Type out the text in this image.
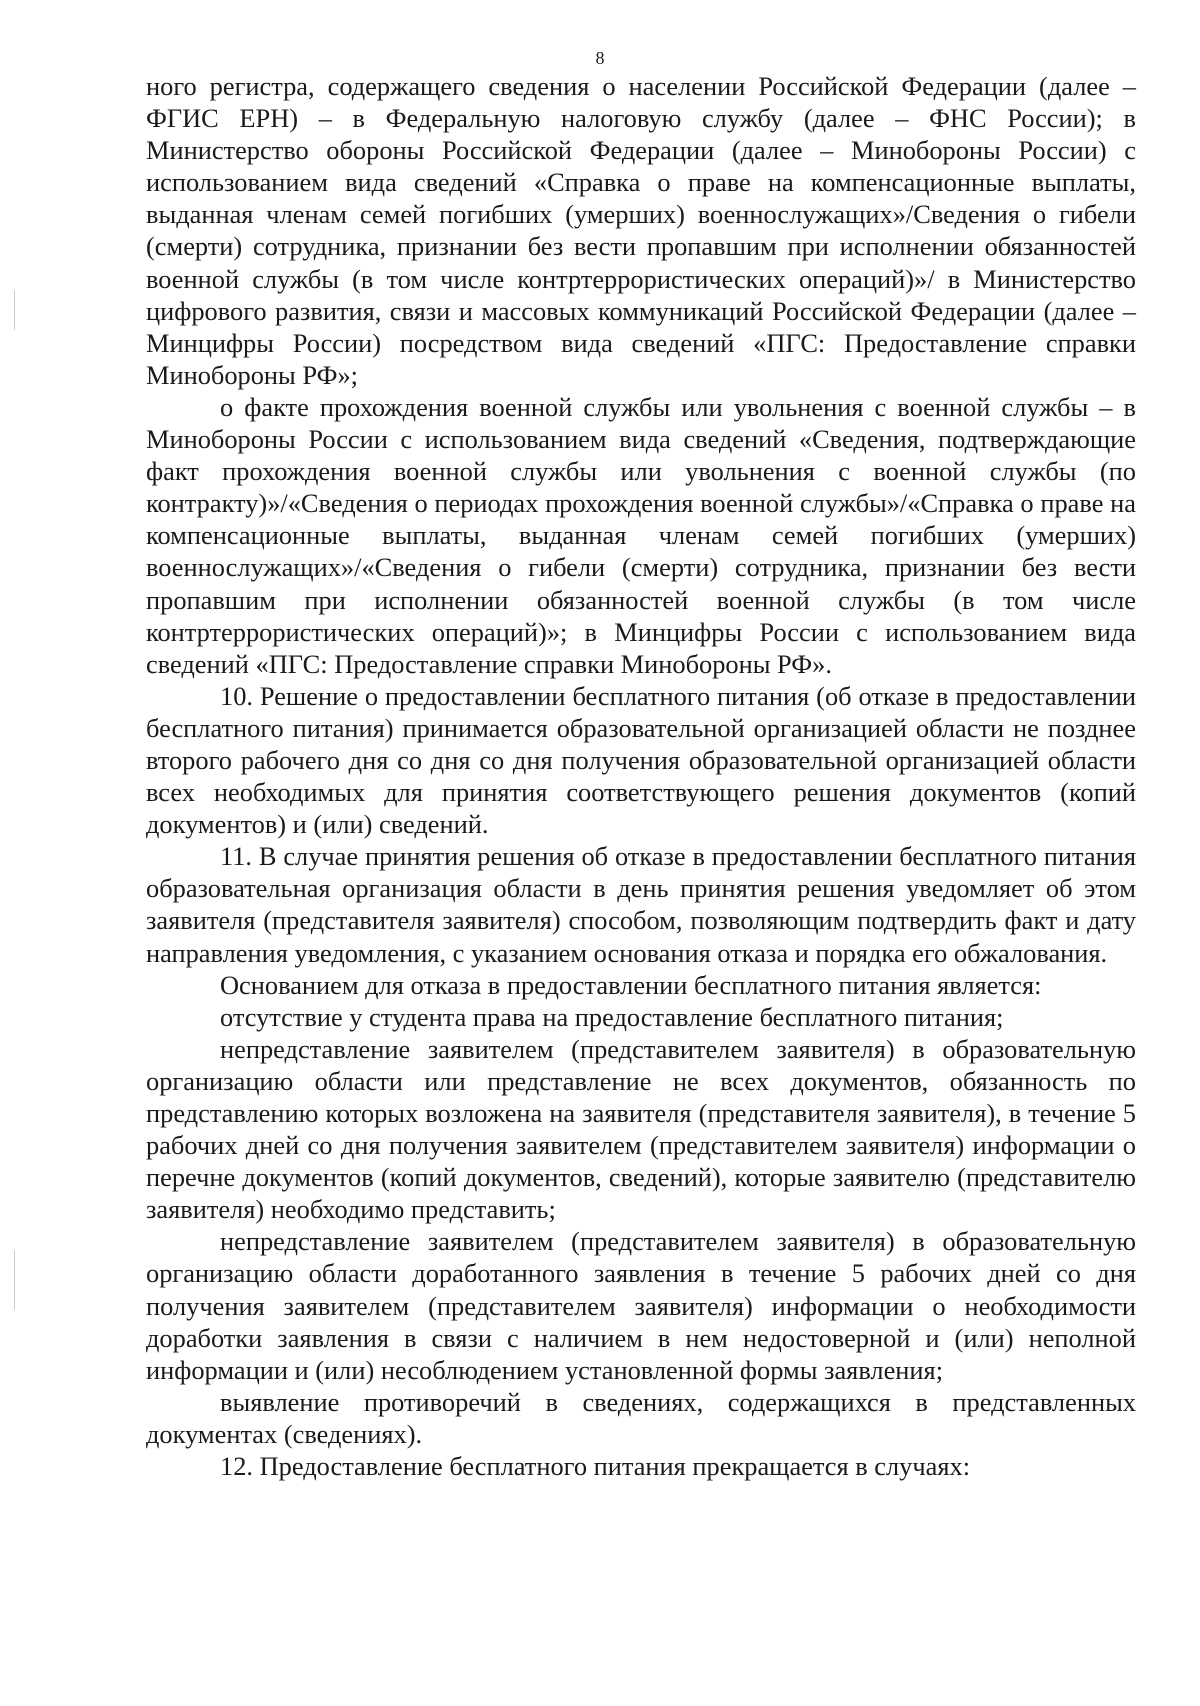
8

ного регистра, содержащего сведения о населении Российской Федерации (далее – ФГИС ЕРН) – в Федеральную налоговую службу (далее – ФНС России); в Министерство обороны Российской Федерации (далее – Минобороны России) с использованием вида сведений «Справка о праве на компенсационные выплаты, выданная членам семей погибших (умерших) военнослужащих»/Сведения о гибели (смерти) сотрудника, признании без вести пропавшим при исполнении обязанностей военной службы (в том числе контртеррористических операций)»/ в Министерство цифрового развития, связи и массовых коммуникаций Российской Федерации (далее – Минцифры России) посредством вида сведений «ПГС: Предоставление справки Минобороны РФ»;

о факте прохождения военной службы или увольнения с военной службы – в Минобороны России с использованием вида сведений «Сведения, подтверждающие факт прохождения военной службы или увольнения с военной службы (по контракту)»/«Сведения о периодах прохождения военной службы»/«Справка о праве на компенсационные выплаты, выданная членам семей погибших (умерших) военнослужащих»/«Сведения о гибели (смерти) сотрудника, признании без вести пропавшим при исполнении обязанностей военной службы (в том числе контртеррористических операций)»; в Минцифры России с использованием вида сведений «ПГС: Предоставление справки Минобороны РФ».

10. Решение о предоставлении бесплатного питания (об отказе в предоставлении бесплатного питания) принимается образовательной организацией области не позднее второго рабочего дня со дня со дня получения образовательной организацией области всех необходимых для принятия соответствующего решения документов (копий документов) и (или) сведений.

11. В случае принятия решения об отказе в предоставлении бесплатного питания образовательная организация области в день принятия решения уведомляет об этом заявителя (представителя заявителя) способом, позволяющим подтвердить факт и дату направления уведомления, с указанием основания отказа и порядка его обжалования.

Основанием для отказа в предоставлении бесплатного питания является:

отсутствие у студента права на предоставление бесплатного питания;

непредставление заявителем (представителем заявителя) в образовательную организацию области или представление не всех документов, обязанность по представлению которых возложена на заявителя (представителя заявителя), в течение 5 рабочих дней со дня получения заявителем (представителем заявителя) информации о перечне документов (копий документов, сведений), которые заявителю (представителю заявителя) необходимо представить;

непредставление заявителем (представителем заявителя) в образовательную организацию области доработанного заявления в течение 5 рабочих дней со дня получения заявителем (представителем заявителя) информации о необходимости доработки заявления в связи с наличием в нем недостоверной и (или) неполной информации и (или) несоблюдением установленной формы заявления;

выявление противоречий в сведениях, содержащихся в представленных документах (сведениях).

12. Предоставление бесплатного питания прекращается в случаях:
